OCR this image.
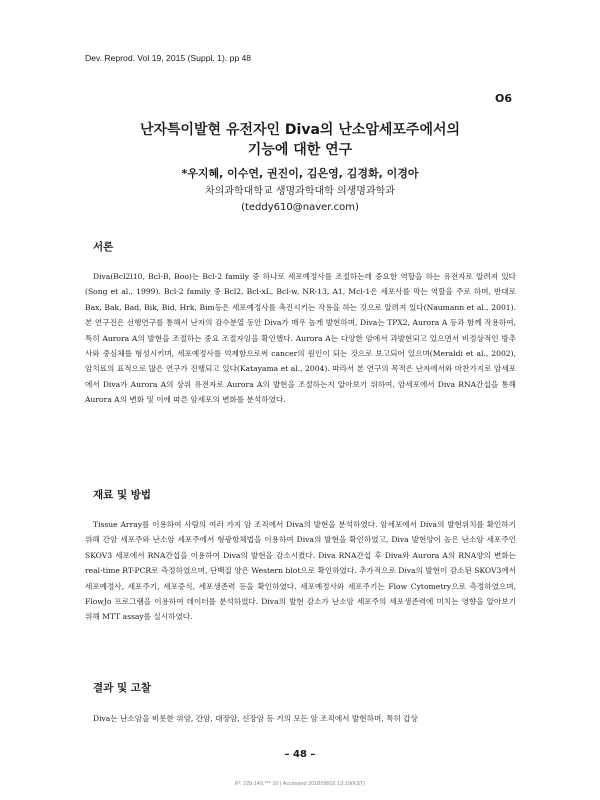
Dev. Reprod. Vol 19, 2015 (Suppl. 1). pp 48
O6
난자특이발현 유전자인 Diva의 난소암세포주에서의
기능에 대한 연구
*우지혜, 이수연, 권진이, 김은영, 김경화, 이경아
차의과학대학교 생명과학대학 의생명과학과
(teddy610@naver.com)
서론

Diva(Bcl2l10, Bcl-B, Boo)는 Bcl-2 family 중 하나로 세포예정사를 조절하는데 중요한 역할을 하는 유전자로 알려져 있다(Song et al., 1999). Bcl-2 family 중 Bcl2, Bcl-xL, Bcl-w, NR-13, A1, Mcl-1은 세포사를 막는 역할을 주로 하며, 반대로 Bax, Bak, Bad, Bik, Bid, Hrk, Bim등은 세포예정사를 촉진시키는 작용을 하는 것으로 알려져 있다(Naumann et al., 2001). 본 연구진은 선행연구를 통해서 난자의 감수분열 동안 Diva가 매우 높게 발현하며, Diva는 TPX2, Aurora A 등과 함께 작용하여, 특히 Aurora A의 발현을 조절하는 중요 조절자임을 확인했다. Aurora A는 다양한 암에서 과발현되고 있으면서 비정상적인 방추사와 중심체를 형성시키며, 세포예정사를 억제함으로써 cancer의 원인이 되는 것으로 보고되어 있으며(Meraldi et al., 2002), 암치료의 표적으로 많은 연구가 진행되고 있다(Katayama et al., 2004). 따라서 본 연구의 목적은 난자에서와 마찬가지로 암세포에서 Diva가 Aurora A의 상위 유전자로 Aurora A의 발현을 조절하는지 알아보기 위하여, 암세포에서 Diva RNA간섭을 통해 Aurora A의 변화 및 이에 따른 암세포의 변화를 분석하였다.

재료 및 방법

Tissue Array를 이용하여 사람의 여러 가지 암 조직에서 Diva의 발현을 분석하였다. 암세포에서 Diva의 발현위치를 확인하기 위해 간암 세포주와 난소암 세포주에서 형광항체법을 이용하여 Diva의 발현을 확인하였고, Diva 발현양이 높은 난소암 세포주인 SKOV3 세포에서 RNA간섭을 이용하여 Diva의 발현을 감소시켰다. Diva RNA간섭 후 Diva와 Aurora A의 RNA양의 변화는 real-time RT-PCR로 측정하였으며, 단백질 양은 Western blot으로 확인하였다. 추가적으로 Diva의 발현이 감소된 SKOV3에서 세포예정사, 세포주기, 세포증식, 세포생존력 등을 확인하였다. 세포예정사와 세포주기는 Flow Cytometry으로 측정하였으며, FlowJo 프로그램을 이용하여 데이터를 분석하였다. Diva의 발현 감소가 난소암 세포주의 세포생존력에 미치는 영향을 알아보기 위해 MTT assay를 실시하였다.

결과 및 고찰

Diva는 난소암을 비롯한 위암, 간암, 대장암, 신장암 등 거의 모든 암 조직에서 발현하며, 특히 갑상

– 48 –
IP: 220.149.*** 10 | Accessed 2018/08/02 13:19(KST)
